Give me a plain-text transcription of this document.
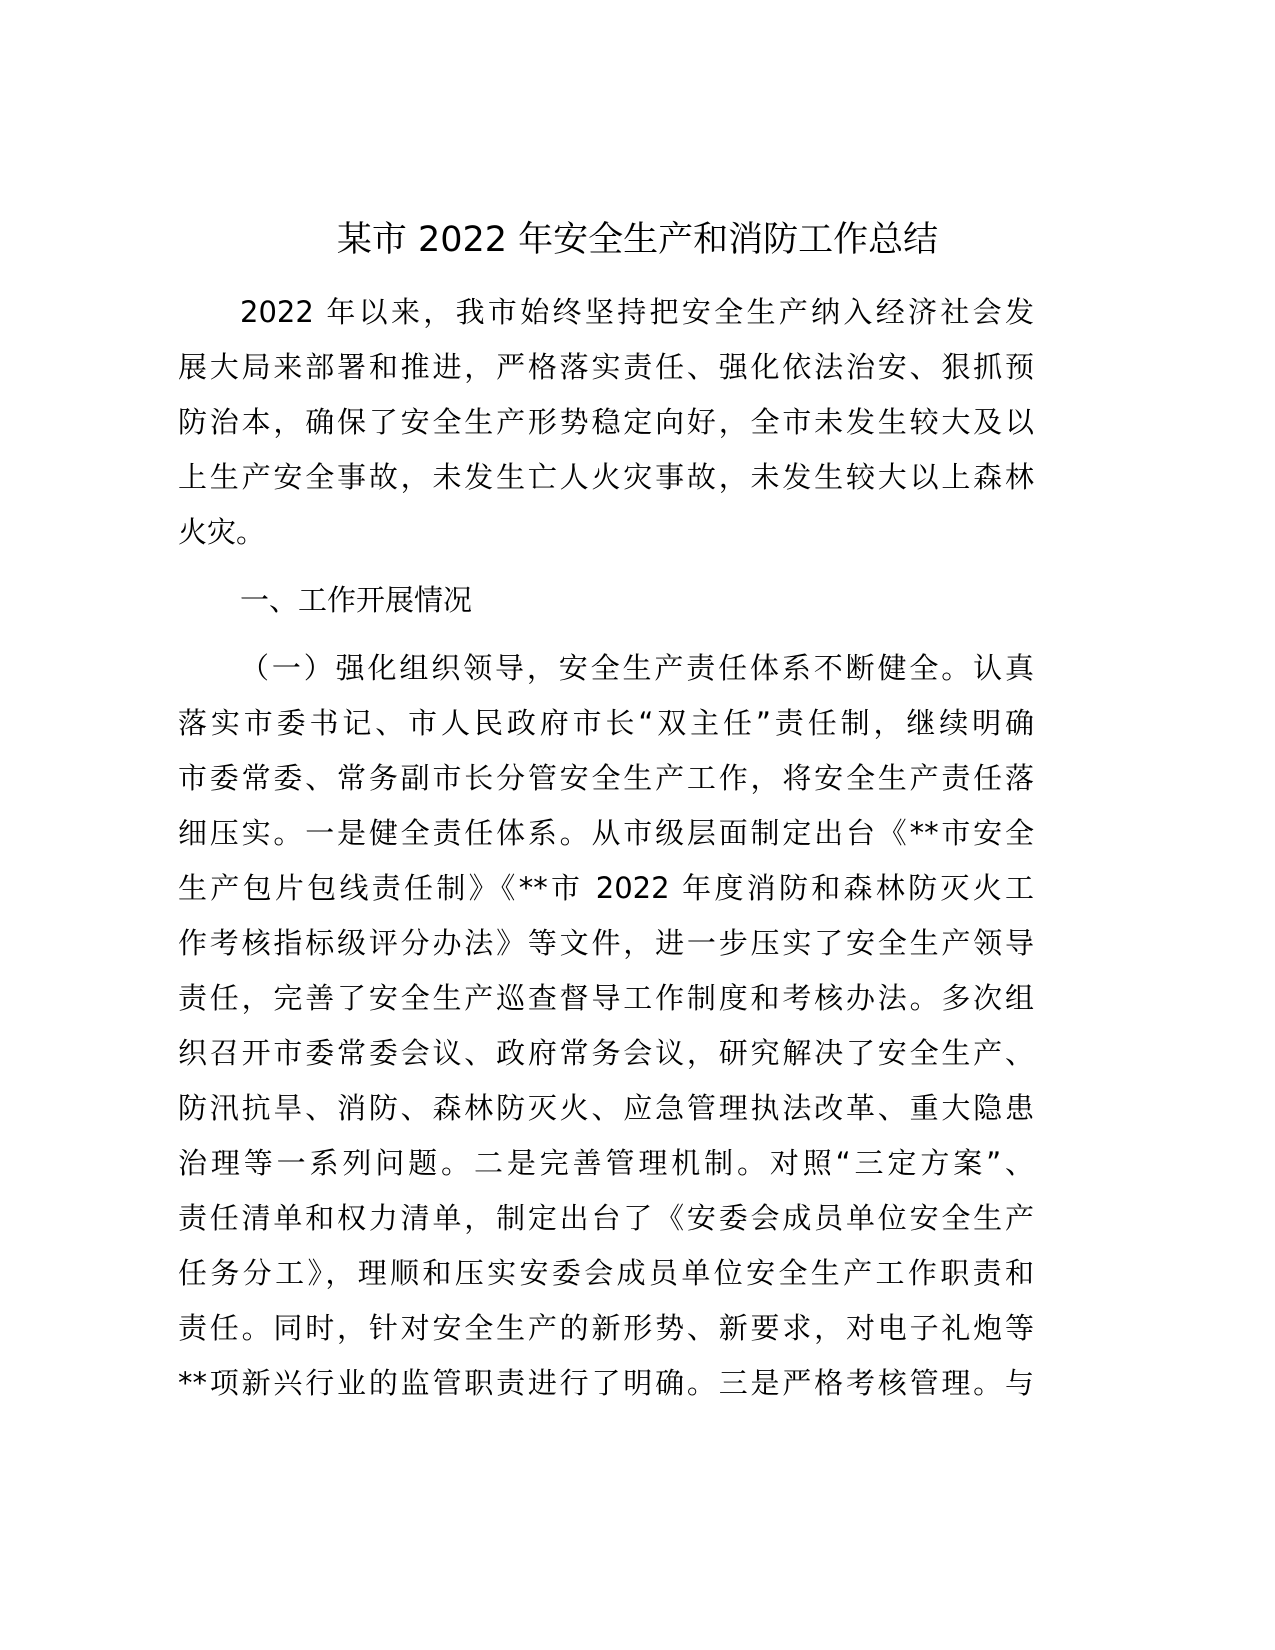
某市 2022 年安全生产和消防工作总结
2022 年以来，我市始终坚持把安全生产纳入经济社会发
展大局来部署和推进，严格落实责任、强化依法治安、狠抓预
防治本，确保了安全生产形势稳定向好，全市未发生较大及以
上生产安全事故，未发生亡人火灾事故，未发生较大以上森林
火灾。
一、工作开展情况
（一）强化组织领导，安全生产责任体系不断健全。认真
落实市委书记、市人民政府市长“双主任”责任制，继续明确
市委常委、常务副市长分管安全生产工作，将安全生产责任落
细压实。一是健全责任体系。从市级层面制定出台《**市安全
生产包片包线责任制》《**市 2022 年度消防和森林防灭火工
作考核指标级评分办法》等文件，进一步压实了安全生产领导
责任，完善了安全生产巡查督导工作制度和考核办法。多次组
织召开市委常委会议、政府常务会议，研究解决了安全生产、
防汛抗旱、消防、森林防灭火、应急管理执法改革、重大隐患
治理等一系列问题。二是完善管理机制。对照“三定方案”、
责任清单和权力清单，制定出台了《安委会成员单位安全生产
任务分工》，理顺和压实安委会成员单位安全生产工作职责和
责任。同时，针对安全生产的新形势、新要求，对电子礼炮等
**项新兴行业的监管职责进行了明确。三是严格考核管理。与
